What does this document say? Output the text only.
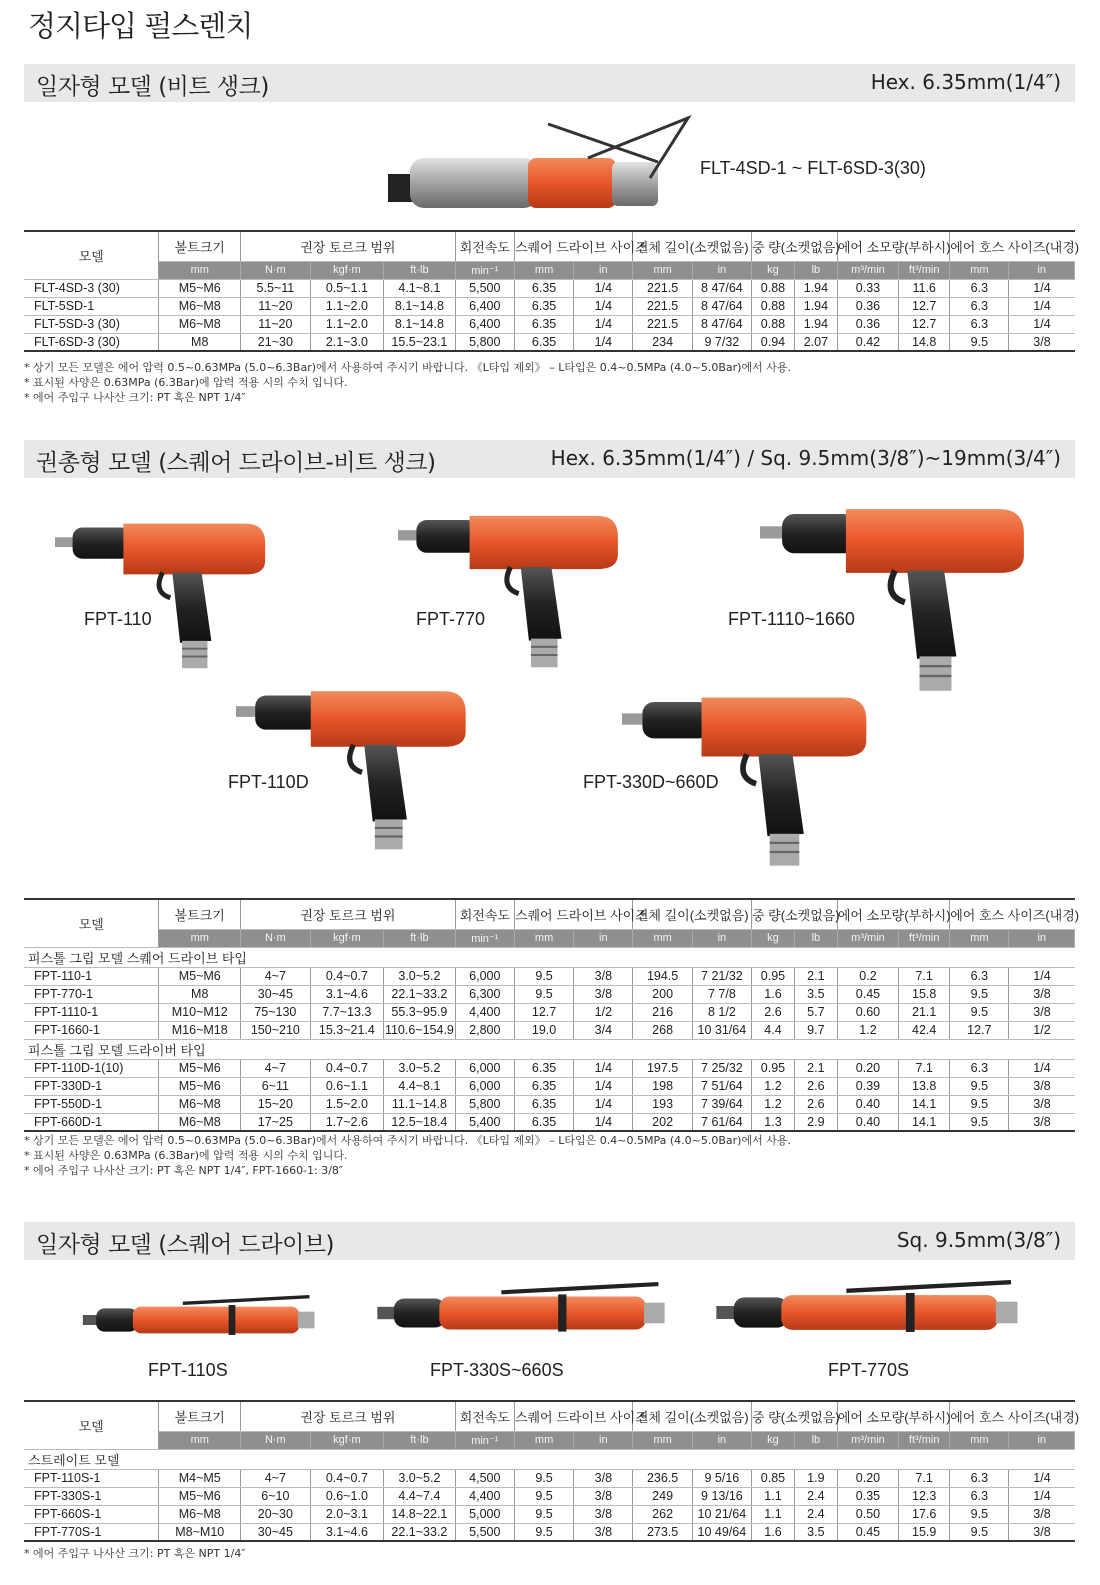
정지타입 펄스렌치
일자형 모델 (비트 생크)	Hex. 6.35mm(1/4″)
FLT-4SD-1 ~ FLT-6SD-3(30)
모델	볼트크기	권장 토르크 범위			회전속도	스퀘어 드라이브 사이즈		전체 길이(소켓없음)		중 량(소켓없음)		에어 소모량(부하시)		에어 호스 사이즈(내경)	
	mm	N·m	kgf·m	ft·lb	min⁻¹	mm	in	mm	in	kg	lb	m³/min	ft³/min	mm	in
FLT-4SD-3 (30)	M5~M6	5.5~11	0.5~1.1	4.1~8.1	5,500	6.35	1/4	221.5	8 47/64	0.88	1.94	0.33	11.6	6.3	1/4
FLT-5SD-1	M6~M8	11~20	1.1~2.0	8.1~14.8	6,400	6.35	1/4	221.5	8 47/64	0.88	1.94	0.36	12.7	6.3	1/4
FLT-5SD-3 (30)	M6~M8	11~20	1.1~2.0	8.1~14.8	6,400	6.35	1/4	221.5	8 47/64	0.88	1.94	0.36	12.7	6.3	1/4
FLT-6SD-3 (30)	M8	21~30	2.1~3.0	15.5~23.1	5,800	6.35	1/4	234	9 7/32	0.94	2.07	0.42	14.8	9.5	3/8
* 상기 모든 모델은 에어 압력 0.5~0.63MPa (5.0~6.3Bar)에서 사용하여 주시기 바랍니다. 《L타입 제외》 – L타입은 0.4~0.5MPa (4.0~5.0Bar)에서 사용.
* 표시된 사양은 0.63MPa (6.3Bar)에 압력 적용 시의 수치 입니다.
* 에어 주입구 나사산 크기: PT 혹은 NPT 1/4″
권총형 모델 (스퀘어 드라이브-비트 생크)	Hex. 6.35mm(1/4″) / Sq. 9.5mm(3/8″)~19mm(3/4″)
FPT-110	FPT-770	FPT-1110~1660
FPT-110D	FPT-330D~660D
모델	볼트크기	권장 토르크 범위			회전속도	스퀘어 드라이브 사이즈		전체 길이(소켓없음)		중 량(소켓없음)		에어 소모량(부하시)		에어 호스 사이즈(내경)	
	mm	N·m	kgf·m	ft·lb	min⁻¹	mm	in	mm	in	kg	lb	m³/min	ft³/min	mm	in
피스톨 그립 모델 스퀘어 드라이브 타입															
FPT-110-1	M5~M6	4~7	0.4~0.7	3.0~5.2	6,000	9.5	3/8	194.5	7 21/32	0.95	2.1	0.2	7.1	6.3	1/4
FPT-770-1	M8	30~45	3.1~4.6	22.1~33.2	6,300	9.5	3/8	200	7 7/8	1.6	3.5	0.45	15.8	9.5	3/8
FPT-1110-1	M10~M12	75~130	7.7~13.3	55.3~95.9	4,400	12.7	1/2	216	8 1/2	2.6	5.7	0.60	21.1	9.5	3/8
FPT-1660-1	M16~M18	150~210	15.3~21.4	110.6~154.9	2,800	19.0	3/4	268	10 31/64	4.4	9.7	1.2	42.4	12.7	1/2
피스톨 그립 모델 드라이버 타입															
FPT-110D-1(10)	M5~M6	4~7	0.4~0.7	3.0~5.2	6,000	6.35	1/4	197.5	7 25/32	0.95	2.1	0.20	7.1	6.3	1/4
FPT-330D-1	M5~M6	6~11	0.6~1.1	4.4~8.1	6,000	6.35	1/4	198	7 51/64	1.2	2.6	0.39	13.8	9.5	3/8
FPT-550D-1	M6~M8	15~20	1.5~2.0	11.1~14.8	5,800	6.35	1/4	193	7 39/64	1.2	2.6	0.40	14.1	9.5	3/8
FPT-660D-1	M6~M8	17~25	1.7~2.6	12.5~18.4	5,400	6.35	1/4	202	7 61/64	1.3	2.9	0.40	14.1	9.5	3/8
* 상기 모든 모델은 에어 압력 0.5~0.63MPa (5.0~6.3Bar)에서 사용하여 주시기 바랍니다. 《L타입 제외》 – L타입은 0.4~0.5MPa (4.0~5.0Bar)에서 사용.
* 표시된 사양은 0.63MPa (6.3Bar)에 압력 적용 시의 수치 입니다.
* 에어 주입구 나사산 크기: PT 혹은 NPT 1/4″, FPT-1660-1: 3/8″
일자형 모델 (스퀘어 드라이브)	Sq. 9.5mm(3/8″)
FPT-110S	FPT-330S~660S	FPT-770S
모델	볼트크기	권장 토르크 범위			회전속도	스퀘어 드라이브 사이즈		전체 길이(소켓없음)		중 량(소켓없음)		에어 소모량(부하시)		에어 호스 사이즈(내경)	
	mm	N·m	kgf·m	ft·lb	min⁻¹	mm	in	mm	in	kg	lb	m³/min	ft³/min	mm	in
스트레이트 모델															
FPT-110S-1	M4~M5	4~7	0.4~0.7	3.0~5.2	4,500	9.5	3/8	236.5	9 5/16	0.85	1.9	0.20	7.1	6.3	1/4
FPT-330S-1	M5~M6	6~10	0.6~1.0	4.4~7.4	4,400	9.5	3/8	249	9 13/16	1.1	2.4	0.35	12.3	6.3	1/4
FPT-660S-1	M6~M8	20~30	2.0~3.1	14.8~22.1	5,000	9.5	3/8	262	10 21/64	1.1	2.4	0.50	17.6	9.5	3/8
FPT-770S-1	M8~M10	30~45	3.1~4.6	22.1~33.2	5,500	9.5	3/8	273.5	10 49/64	1.6	3.5	0.45	15.9	9.5	3/8
* 에어 주입구 나사산 크기: PT 혹은 NPT 1/4″
